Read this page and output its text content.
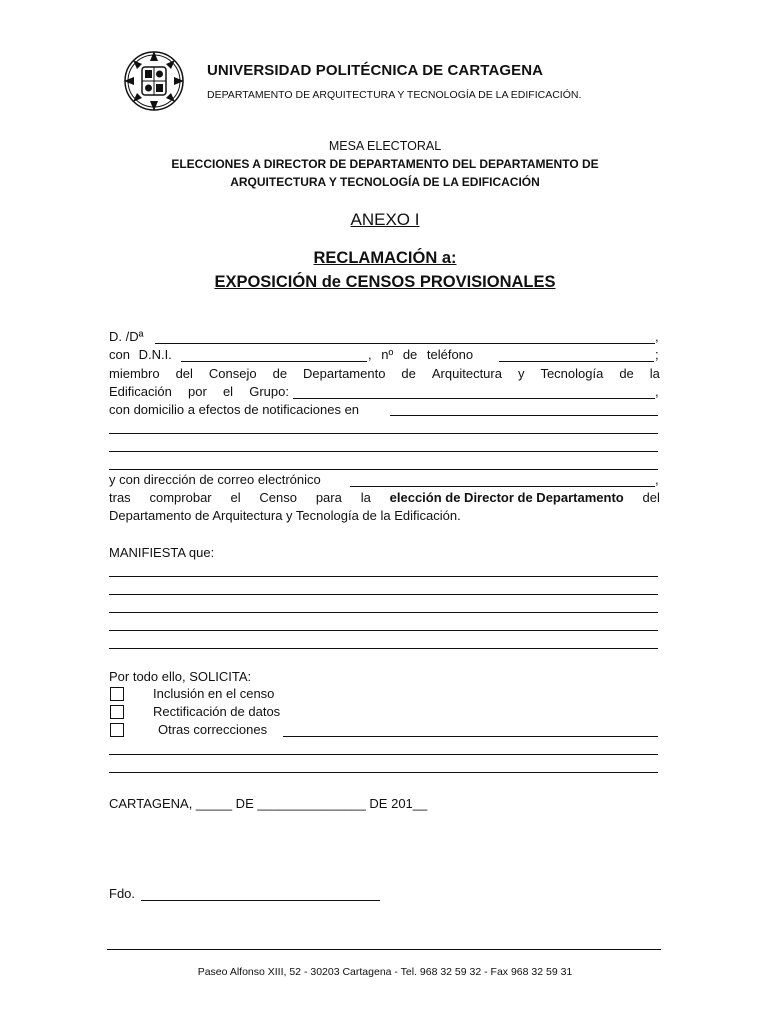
UNIVERSIDAD POLITÉCNICA DE CARTAGENA
DEPARTAMENTO DE ARQUITECTURA Y TECNOLOGÍA DE LA EDIFICACIÓN.
MESA ELECTORAL
ELECCIONES A DIRECTOR DE DEPARTAMENTO DEL DEPARTAMENTO DE
ARQUITECTURA Y TECNOLOGÍA DE LA EDIFICACIÓN
ANEXO I
RECLAMACIÓN a:
EXPOSICIÓN de CENSOS PROVISIONALES
D. /Dª	,
con D.N.I.	, nº de teléfono	;
miembro del Consejo de Departamento de Arquitectura y Tecnología de la
Edificación por el Grupo:	,
con domicilio a efectos de notificaciones en
y con dirección de correo electrónico	,
tras comprobar el Censo para la elección de Director de Departamento del
Departamento de Arquitectura y Tecnología de la Edificación.
MANIFIESTA que:
Por todo ello, SOLICITA:
Inclusión en el censo
Rectificación de datos
Otras correcciones
CARTAGENA, _____ DE _______________ DE 201__
Fdo.
Paseo Alfonso XIII, 52 - 30203 Cartagena - Tel. 968 32 59 32 - Fax 968 32 59 31
